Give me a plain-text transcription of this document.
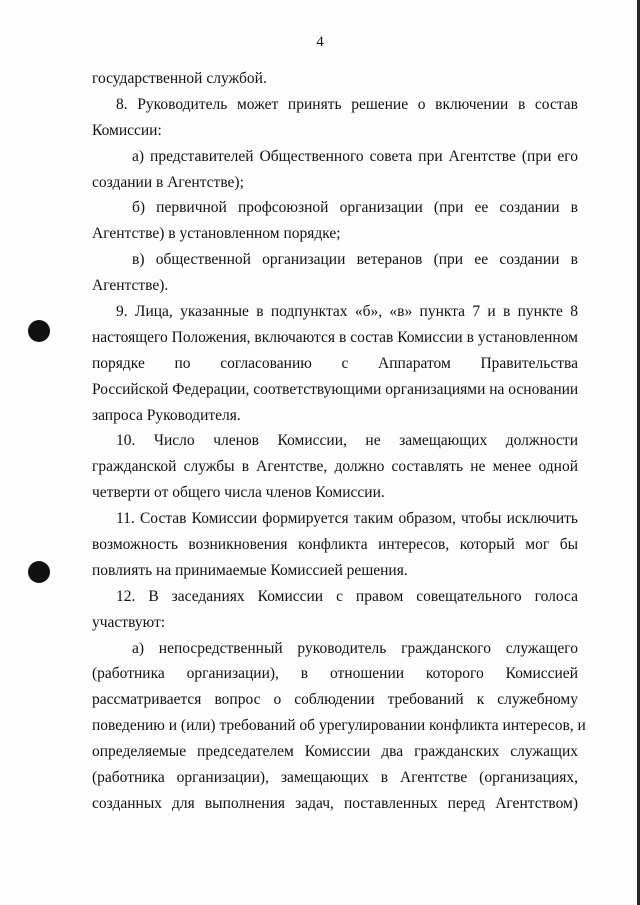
4
государственной службой.
8. Руководитель может принять решение о включении в состав
Комиссии:
а) представителей Общественного совета при Агентстве (при его
создании в Агентстве);
б) первичной профсоюзной организации (при ее создании в
Агентстве) в установленном порядке;
в) общественной организации ветеранов (при ее создании в
Агентстве).
9. Лица, указанные в подпунктах «б», «в» пункта 7 и в пункте 8
настоящего Положения, включаются в состав Комиссии в установленном
порядке по согласованию с Аппаратом Правительства
Российской Федерации, соответствующими организациями на основании
запроса Руководителя.
10. Число членов Комиссии, не замещающих должности
гражданской службы в Агентстве, должно составлять не менее одной
четверти от общего числа членов Комиссии.
11. Состав Комиссии формируется таким образом, чтобы исключить
возможность возникновения конфликта интересов, который мог бы
повлиять на принимаемые Комиссией решения.
12. В заседаниях Комиссии с правом совещательного голоса
участвуют:
а) непосредственный руководитель гражданского служащего
(работника организации), в отношении которого Комиссией
рассматривается вопрос о соблюдении требований к служебному
поведению и (или) требований об урегулировании конфликта интересов, и
определяемые председателем Комиссии два гражданских служащих
(работника организации), замещающих в Агентстве (организациях,
созданных для выполнения задач, поставленных перед Агентством)
